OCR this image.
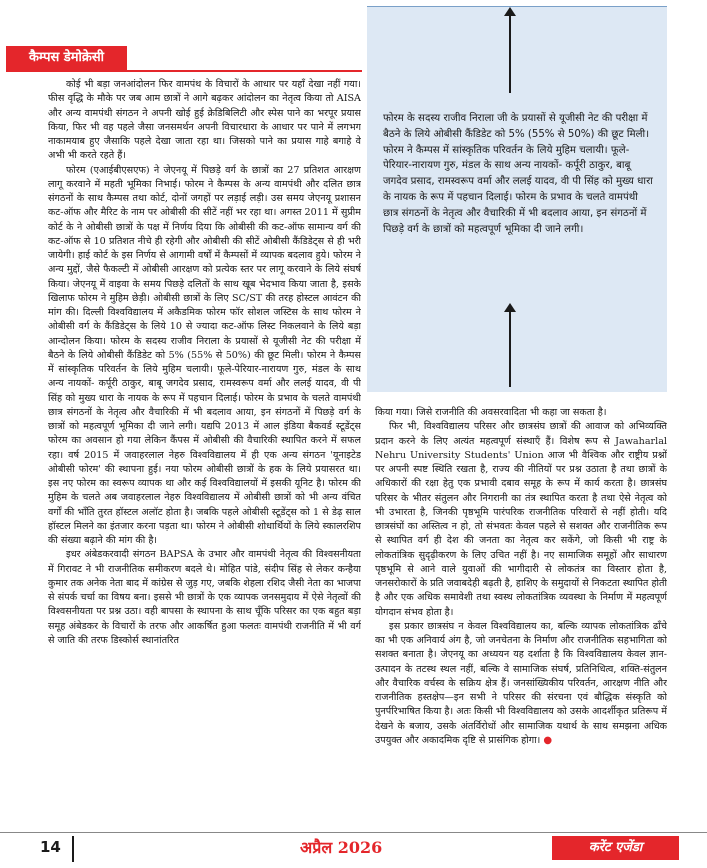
कैम्पस डेमोक्रेसी

कोई भी बड़ा जनआंदोलन फिर वामपंथ के विचारों के आधार पर यहाँ देखा नहीं गया। फीस वृद्धि के मौके पर जब आम छात्रों ने आगे बढ़कर आंदोलन का नेतृत्व किया तो AISA और अन्य वामपंथी संगठन ने अपनी खोई हुई क्रेडिबिलिटी और स्पेस पाने का भरपूर प्रयास किया, फिर भी वह पहले जैसा जनसमर्थन अपनी विचारधारा के आधार पर पाने में लगभग नाकामयाब हुए जैसाकि पहले देखा जाता रहा था। जिसको पाने का प्रयास गाहे बगाहे वे अभी भी करते रहते हैं।

फोरम (एआईबीएसएफ) ने जेएनयू में पिछड़े वर्ग के छात्रों का 27 प्रतिशत आरक्षण लागू करवाने में महती भूमिका निभाई। फोरम ने कैम्पस के अन्य वामपंथी और दलित छात्र संगठनों के साथ कैम्पस तथा कोर्ट, दोनों जगहों पर लड़ाई लड़ी। उस समय जेएनयू प्रशासन कट-ऑफ और मैरिट के नाम पर ओबीसी की सीटें नहीं भर रहा था। अगस्त 2011 में सुप्रीम कोर्ट के ने ओबीसी छात्रों के पक्ष में निर्णय दिया कि ओबीसी की कट-ऑफ सामान्य वर्ग की कट-ऑफ से 10 प्रतिशत नीचे ही रहेगी और ओबीसी की सीटें ओबीसी कैंडिडेट्स से ही भरी जायेगी। हाई कोर्ट के इस निर्णय से आगामी वर्षों में कैम्पसों में व्यापक बदलाव हुये। फोरम ने अन्य मुद्दों, जैसे फैकल्टी में ओबीसी आरक्षण को प्रत्येक स्तर पर लागू करवाने के लिये संघर्ष किया। जेएनयू में वाइवा के समय पिछड़े दलितों के साथ खूब भेदभाव किया जाता है, इसके खिलाफ फोरम ने मुहिम छेड़ी। ओबीसी छात्रों के लिए SC/ST की तरह होस्टल आवंटन की मांग की। दिल्ली विश्वविद्यालय में अकैडमिक फोरम फॉर सोशल जस्टिस के साथ फोरम ने ओबीसी वर्ग के कैंडिडेट्स के लिये 10 से ज्यादा कट-ऑफ लिस्ट निकलवाने के लिये बड़ा आन्दोलन किया। फोरम के सदस्य राजीव निराला के प्रयासों से यूजीसी नेट की परीक्षा में बैठने के लिये ओबीसी कैंडिडेट को 5% (55% से 50%) की छूट मिली। फोरम ने कैम्पस में सांस्कृतिक परिवर्तन के लिये मुहिम चलायी। फूले-पेरियार-नारायण गुरु, मंडल के साथ अन्य नायकों- कर्पूरी ठाकुर, बाबू जगदेव प्रसाद, रामस्वरूप वर्मा और ललई यादव, वी पी सिंह को मुख्य धारा के नायक के रूप में पहचान दिलाई। फोरम के प्रभाव के चलते वामपंथी छात्र संगठनों के नेतृत्व और वैचारिकी में भी बदलाव आया, इन संगठनों में पिछड़े वर्ग के छात्रों को महत्वपूर्ण भूमिका दी जाने लगी। यद्यपि 2013 में आल इंडिया बैकवर्ड स्टूडेंट्स फोरम का अवसान हो गया लेकिन कैंपस में ओबीसी की वैचारिकी स्थापित करने में सफल रहा। वर्ष 2015 में जवाहरलाल नेहरु विश्वविद्यालय में ही एक अन्य संगठन 'यूनाइटेड ओबीसी फोरम' की स्थापना हुई। नया फोरम ओबीसी छात्रों के हक के लिये प्रयासरत था। इस नए फोरम का स्वरूप व्यापक था और कई विश्वविद्यालयों में इसकी यूनिट है। फोरम की मुहिम के चलते अब जवाहरलाल नेहरु विश्वविद्यालय में ओबीसी छात्रों को भी अन्य वंचित वर्गों की भाँति तुरत हॉस्टल अलॉट होता है। जबकि पहले ओबीसी स्टूडेंट्स को 1 से डेढ़ साल हॉस्टल मिलने का इंतजार करना पड़ता था। फोरम ने ओबीसी शोधार्थियों के लिये स्कालरशिप की संख्या बढ़ाने की मांग की है।

इधर अंबेडकरवादी संगठन BAPSA के उभार और वामपंथी नेतृत्व की विश्वसनीयता में गिरावट ने भी राजनीतिक समीकरण बदले थे। मोहित पांडे, संदीप सिंह से लेकर कन्हैया कुमार तक अनेक नेता बाद में कांग्रेस से जुड़ गए, जबकि शेहला रशिद जैसी नेता का भाजपा से संपर्क चर्चा का विषय बना। इससे भी छात्रों के एक व्यापक जनसमुदाय में ऐसे नेतृत्वों की विश्वसनीयता पर प्रश्न उठा। वही बापसा के स्थापना के साथ चूँकि परिसर का एक बहुत बड़ा समूह अंबेडकर के विचारों के तरफ और आकर्षित हुआ फलतः वामपंथी राजनीति में भी वर्ग से जाति की तरफ डिस्कोर्स स्थानांतरित

फोरम के सदस्य राजीव निराला जी के प्रयासों से यूजीसी नेट की परीक्षा में बैठने के लिये ओबीसी कैंडिडेट को 5% (55% से 50%) की छूट मिली। फोरम ने कैम्पस में सांस्कृतिक परिवर्तन के लिये मुहिम चलायी। फूले-पेरियार-नारायण गुरु, मंडल के साथ अन्य नायकों- कर्पूरी ठाकुर, बाबू जगदेव प्रसाद, रामस्वरूप वर्मा और ललई यादव, वी पी सिंह को मुख्य धारा के नायक के रूप में पहचान दिलाई। फोरम के प्रभाव के चलते वामपंथी छात्र संगठनों के नेतृत्व और वैचारिकी में भी बदलाव आया, इन संगठनों में पिछड़े वर्ग के छात्रों को महत्वपूर्ण भूमिका दी जाने लगी।

किया गया। जिसे राजनीति की अवसरवादिता भी कहा जा सकता है।

फिर भी, विश्वविद्यालय परिसर और छात्रसंघ छात्रों की आवाज को अभिव्यक्ति प्रदान करने के लिए अत्यंत महत्वपूर्ण संस्थाएँ हैं। विशेष रूप से Jawaharlal Nehru University Students' Union आज भी वैश्विक और राष्ट्रीय प्रश्नों पर अपनी स्पष्ट स्थिति रखता है, राज्य की नीतियों पर प्रश्न उठाता है तथा छात्रों के अधिकारों की रक्षा हेतु एक प्रभावी दबाव समूह के रूप में कार्य करता है। छात्रसंघ परिसर के भीतर संतुलन और निगरानी का तंत्र स्थापित करता है तथा ऐसे नेतृत्व को भी उभारता है, जिनकी पृष्ठभूमि पारंपरिक राजनीतिक परिवारों से नहीं होती। यदि छात्रसंघों का अस्तित्व न हो, तो संभवतः केवल पहले से सशक्त और राजनीतिक रूप से स्थापित वर्ग ही देश की जनता का नेतृत्व कर सकेंगे, जो किसी भी राष्ट्र के लोकतांत्रिक सुदृढ़ीकरण के लिए उचित नहीं है। नए सामाजिक समूहों और साधारण पृष्ठभूमि से आने वाले युवाओं की भागीदारी से लोकतंत्र का विस्तार होता है, जनसरोकारों के प्रति जवाबदेही बढ़ती है, हाशिए के समुदायों से निकटता स्थापित होती है और एक अधिक समावेशी तथा स्वस्थ लोकतांत्रिक व्यवस्था के निर्माण में महत्वपूर्ण योगदान संभव होता है।

इस प्रकार छात्रसंघ न केवल विश्वविद्यालय का, बल्कि व्यापक लोकतांत्रिक ढाँचे का भी एक अनिवार्य अंग है, जो जनचेतना के निर्माण और राजनीतिक सहभागिता को सशक्त बनाता है। जेएनयू का अध्ययन यह दर्शाता है कि विश्वविद्यालय केवल ज्ञान-उत्पादन के तटस्थ स्थल नहीं, बल्कि वे सामाजिक संघर्ष, प्रतिनिधित्व, शक्ति-संतुलन और वैचारिक वर्चस्व के सक्रिय क्षेत्र हैं। जनसांख्यिकीय परिवर्तन, आरक्षण नीति और राजनीतिक हस्तक्षेप—इन सभी ने परिसर की संरचना एवं बौद्धिक संस्कृति को पुनर्परिभाषित किया है। अतः किसी भी विश्वविद्यालय को उसके आदर्शीकृत प्रतिरूप में देखने के बजाय, उसके अंतर्विरोधों और सामाजिक यथार्थ के साथ समझना अधिक उपयुक्त और अकादमिक दृष्टि से प्रासंगिक होगा। ●

14	अप्रैल 2026	करेंट एजेंडा
